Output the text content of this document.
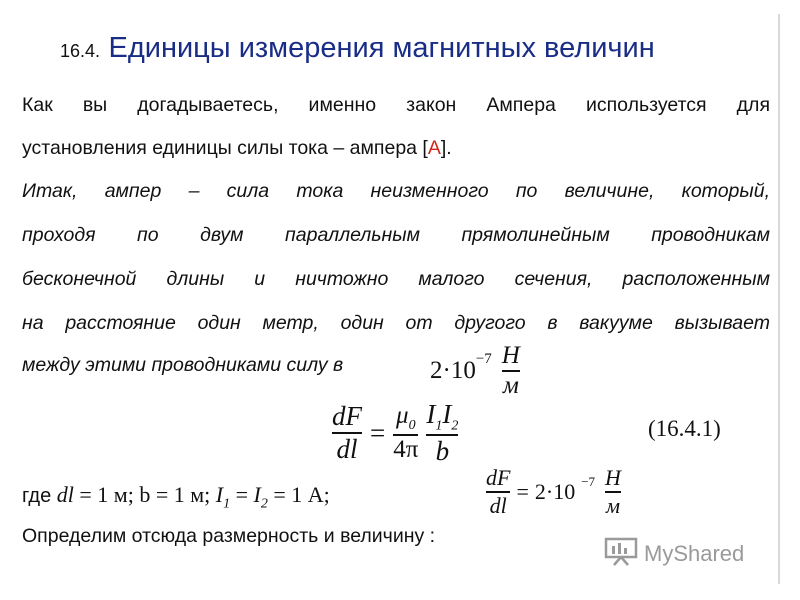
16.4. Единицы измерения магнитных величин
Как вы догадываетесь, именно закон Ампера используется для
установления единицы силы тока – ампера [A].
Итак, ампер – сила тока неизменного по величине, который,
проходя по двум параллельным прямолинейным проводникам
бесконечной длины и ничтожно малого сечения, расположенным
на расстояние один метр, один от другого в вакууме вызывает
между этими проводниками силу в	$2\cdot 10^{-7} \frac{H}{м}$
$\frac{dF}{dl} = \frac{\mu_0}{4\pi} \frac{I_1I_2}{b}$	(16.4.1)
где dl = 1 м; b = 1 м; $I_1 = I_2 = 1$ А;	$\frac{dF}{dl} = 2\cdot 10$ $^{-7} \frac{H}{м}$
Определим отсюда размерность и величину :
MyShared
